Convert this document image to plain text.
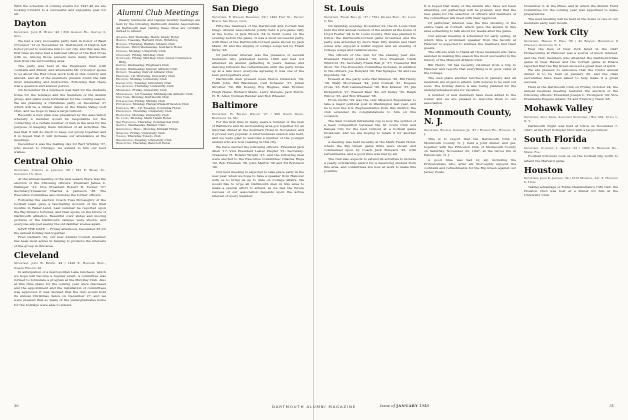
With the schedule of coming events for 1947-48 we are looking forward to a successful and enjoyable year for all.

Dayton

Secretary, John B. Byrne '40 / 650 Gordon Rd., Dayton 3, Ohio

We had a very successful party held in honor of Basil O'Connor '12 on November 12. Dartmouth of Dayton felt honor proud to welcome him to our city, and this was the first time we have had a national officer of the Red Cross with us. Among those present were many Dartmouth men from the surrounding area.

The party was held at the Engineers Club with cocktails and dinner, and afterwards Mr. O'Connor spoke to us about the Red Cross work both in this country and abroad, and all of the members present found the talk most interesting and instructive. Following that there was a question and answer period.

On November 29 a luncheon was held for the students home for the holidays and the members of the alumni group, and plans were formulated for the coming season. We are planning a Christmas party on December 27 which will be a dinner dance at the Miami Valley Golf Club, and we hope to have a large turnout.

Recently a new plan was presented by the association whereby a member would be responsible for the contacting of a certain number of men in the area for the purpose of keeping them informed of all activities. We feel that it will do much to keep our group together and it is hoped that it will increase our attendance at the meetings.

December 4 was the mailing day for Bert Whiting '37, who moved to Chicago; we extend to him our best wishes.

Central Ohio

Secretary, Charles A. Jameson '38 / 591 E. Broad St., Columbus 15, Ohio

At the annual meeting of the new season there was the election of the following officers: President James C. Dellinger '31; Vice President Robert B. Tucker '37; Secretary-Treasurer Charles A. Jameson '38. The Executive Committee also includes the former officers.

Following the election Coach Tuss McLaughry of the football team gave a fascinating account of his final months in Baker-Land. Last summer he reported upon the Big Green's fortunes, and then spoke on the future of Dartmouth athletics. Beautiful color slides and moving pictures of the Dartmouth campus were shown, and everyone enjoyed seeing the old familiar scenes again.

SAVE THE DATE — Friday afternoon, December 26 for the annual holiday Get-together.

Fred Gerhard '32, our new Alumni Council member, has been most active in helping to promote the interests of the group in this area.

Cleveland

Secretary, John W. Beekel '44 / 1400 E. Hanford Blvd., Shaker Heights 20

In anticipation of a metropolitan Lake luncheon, which we hope will become a regular event, a committee was formed to formulate a program at the Mid-Day Club. Also at this time plans for the coming year were discussed and the appointment and the installation of committees was approved. It was decided that the club would hold its annual Christmas dance on December 27, and we were pleased that so many of the undergraduates home for the holidays were able to attend.

Alumni Club Meetings

Weekly luncheons and regular monthly meetings are held by the following Dartmouth Alumni Associations. All Dartmouth men visiting these cities are cordially invited to attend.

Atlanta, 2nd Thursday, Henry Grady Hotel
Boston, Tuesday, Harvard Club, Winthrop
Buffalo, Thursday, Buffalo Athletic Club
Baltimore, Third Wednesday, Southern Hotel
Chicago, Monday, University Club
Cincinnati, Friday, Mid-Day Club
Cleveland, Friday, Mid-Day Club, Union Commerce Bldg.
Dayton, Wednesday, Engineers Club
Denver, Wednesday, Denver Athletic Club
Detroit, Tuesday, Detroit Athletic Club
Hartford, 1st Thursday, University Club
Houston, Monday, University Club
Kansas City, Tuesday, University Club
Los Angeles, Thursday, University Club
Milwaukee, Friday, University Club
Minneapolis, 1st Tuesday, Minneapolis Athletic Club
New York, Monday, Dartmouth Club
Philadelphia, Friday, Midday Club
Pittsburgh, Monday, Harvard-Yale-Princeton Club
Portland, Me., 1st Tuesday, Columbia Hotel
Providence, Thursday, University Club
Rochester, Monday, University Club
St. Louis, Monday, Mark Twain Hotel
San Francisco, Thursday, Commercial Club
Seattle, Wednesday, Rainier Club
Springfield, Mass., Monday, Kimball Hotel
Syracuse, Friday, University Club
Toledo, Thursday, Toledo Club
Washington, Tuesday, University Club
Worcester, Thursday, Bancroft Hotel
San Diego

Secretary, F. William Blackman '29 / 1462 Fort St., Pacific Beach, San Diego, Calif.

Fifty-five members of the Dartmouth and Cornell San Diego Alumni Associations jointly held a pre-game rally at the home of Jack Brown '34 in Point Loma on the evening before the game. It was a most successful party, with films of the Dartmouth-Cornell game shown by Jack Mann '36 and the singing of college songs led by Frank Kirby '28.

Of particular interest was the presence of several members who graduated before 1900 and had not attended an alumni gathering in years. Games and dancing followed the refreshments until the party broke up at a late hour, everyone agreeing it was one of the best get-togethers ever.

Dartmouth men present were Pierce Dickerson '29, Faith John, Bill Blackman, Carl Schaefer '27, Julian Strother '30, Bill Koenig, Roy Hughes, Alan Horner, Hugh Heinz, Richard Mann, Larry Stevens, Jack Burch, H. H. Alter, Norman Bender and Bob Wheeler.

Baltimore

Secretary, H. Roland Wright '27 / 900 North Drive, Baltimore 12, Md.

For the first time in many years a number of the men of Baltimore and its surrounding area got together for an informal dinner at the Southern Hotel in November, and it proved very popular. A brief business session was held, and we were glad to welcome a number of the younger alumni who are now residing in this city.

We have elected the following officers: President Jack Allen '17; Vice President Lester Ziegler '21; Secretary-Treasurer H. Roland Wright '27; and the following men were elected to the Executive Committee: Charles Ruge '32, Bob Fineman '38, John Martin '38 and Ed Robinson '40.

Our next meeting is expected to take place early in the new year, when we hope to have a speaker from Hanover with us to bring us up to date on College affairs. We would like to urge all Dartmouth men in this area to make a special effort to attend, as we feel the future success of our association depends upon the active interest of every member.

30
St. Louis

Secretary, Frank Bell Jr. '37 / 7501 Delmar Blvd., St. Louis 5, Mo.

On Saturday evening, November 22, the St. Louis Club held the first annual reunion of the alumni at the home of Lloyd Fowler '24 in St. Louis County. This was planned to follow the Dartmouth-Cornell game broadcast and the party was attended by more than fifty alumni and their wives who enjoyed a buffet supper and an evening of College songs and reminiscences.

The officers of the club for the ensuing year are: President Harold Johnson '32; Vice President Clark Whitford '35; Secretary Frank Bell Jr. '37; Treasurer Bill Stout '39. The Executive Committee includes, in addition to the officers, Joe Bunyard '28, Hal Sprague '30 and Lee Ingoldsby '34.

Present at the party were Hal Simmon '36, Bill Henry '39, Wally Moorehead '44, John Connell '41, Eugene Cross '23, Rolf Lammermeier '30, Bob Kramer '35, Jim Kirkpatrick '27, Russell Baer '40, Art Pelley '35, Ralph Wilcox '25, and Bob Wheeler '38.

From Curtis '29 was the only Missouri Republican to take a major political post in Washington last year, and he is now the U.S. Representative from this district; the club extended its congratulations to him on this occasion.

The Saul Connell intramural cup is now the symbol of a keen competition between the St. Louis Club and Kansas City for the best turnout at a football game broadcast, and we are hoping to retain it for another year.

A meeting was held recently at the Mark Twain Hotel, where the Big Green game films were shown and commented upon by Coach Jack Bunyard '28, with refreshments, and a good time was had by all.

The club also expects to extend its activities to include a yearly scholarship award for a deserving student from this area, and committees are now at work to make this possible.

It is hoped that many of the alumni who have not been attending our gatherings will be present, and that the new plans for the selection of officers and members of the committees will meet with their approval.

Of particular interest was the fine showing of the entire team at Cornell, which gave the alumni in this area something to talk about for weeks after the game.

Our annual meeting is scheduled for early spring, at which time a prominent speaker from the faculty at Hanover is expected to address the members and their guests.

The officers wish to thank all those members who have assisted in making this season the most successful in the history of the Missouri Athletic Club.

Bill Henry '39 has recently returned from a trip to Hanover and reports that everything is in good order at the College.

The club plans another luncheon in January and all members are urged to attend, with notices to be sent out soon. The holiday dance is also being planned for the undergraduates home for vacation.

A number of new members have been added to the roster, and we are pleased to welcome them to our association.

Monmouth County, N. J.

Secretary, Russell Sherman Jr. '47 / Rumson Rd., Rumson, N. J.

This is to report that the Dartmouth Club of Monmouth County, N. J. held a joint dinner and get-together with the Princeton Club of Monmouth County on Saturday, November 22, 1947, at the Grove Inn in Eatontown, N. J.

A good time was had by all, including the Princetonians who, after all, thoroughly enjoyed the cocktails and refreshments for the Big Green against our Jersey rivals.

November 2, at the Pines, and at which the Alumni Fund Committee for the coming year was appointed to make preparations.

The next meeting will be held at the home of one of our members early next month.

New York City

Secretary, Harold F. Hall '36 / 45 Beacon, Bronxville 8 (Nassau), Irvington, N. Y.

How the men of New York fared in the 1947 Homecoming at Hanover was a source of much interest, and the Club members who attended the Dartmouth-Yale game in New Haven and the Cornell game at Ithaca reported that the Big Green showed a great deal of spirit.

We are pleased to announce that the Club's annual dinner is to be held on January 30, and the class secretaries have been asked to help make it a great success.

Held at the Dartmouth Club on Friday, October 24, the annual business meeting featured the election of the following officers: President Joseph C. Thompson '20; Vice Presidents Eugene Adams '32 and Francis J. Nash '28.

Mohawk Valley

Secretary, Paul Shaw, Assistant Secretary / Box 332, Utica 1, N. Y.

Dartmouth Night was held at Utica on November 7, 1947, at the Fort Schuyler Club with a large turnout.

South Florida

Secretary, Clifford L. Graves '23 / 1800 N. Bayshore Dr., Miami, Fla.

Football followers took us on the football trip north to attend the Harvard game.

Houston

Secretary, John K. Jackson '34 / 2515 Morrell, Apt. 3, Houston 6, Texas

Taking advantage of Eddie Chamberlain's ('36) visit, the Houston Club was host at a dinner for him at the University Club.

31
DARTMOUTH ALUMNI MAGAZINE	Issue of JANUARY 1948
